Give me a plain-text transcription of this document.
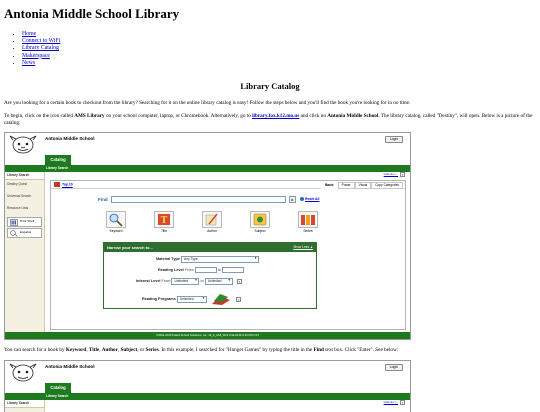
Antonia Middle School Library
• Home
• Connect to WiFi
• Library Catalog
• Makerspace
• News
Library Catalog

Are you looking for a certain book to checkout from the library? Searching for it on the online library catalog is easy! Follow the steps below and you'll find the book you're looking for in no time.

To begin, click on the icon called AMS Library on your school computer, laptop, or Chromebook. Alternatively, go to library.fox.k12.mo.us and click on Antonia Middle School. The library catalog, called "Destiny", will open. Below is a picture of the catalog:

Antonia Middle School	Login
Catalog
Library Search
Library Search
Destiny Quest
Universal Search
Resource Lists
Print Shelf
Español
How do I...	?
Top 10	Basic	Power	Visual	Copy Categories
Find	▸	Reset All
Keyword
T
Title	Author	Subject	Series
Narrow your search to...	Show Less ▲
Material Type Any Type	▼
Reading Level From	to
Interest Level From Unlimited ▼ to Unlimited ▼	?
Reading Programs Unlimited	▼	?
©2002-2015 Follett School Solutions, Inc. 13_0_AS5_RC2 2/11/2016 9:13 PM CST

You can search for a book by Keyword, Title, Author, Subject, or Series. In this example, I searched for "Hunger Games" by typing the title in the Find text box. Click "Enter". See below:

Antonia Middle School	Login
Catalog
Library Search
Library Search	How do I...	?
